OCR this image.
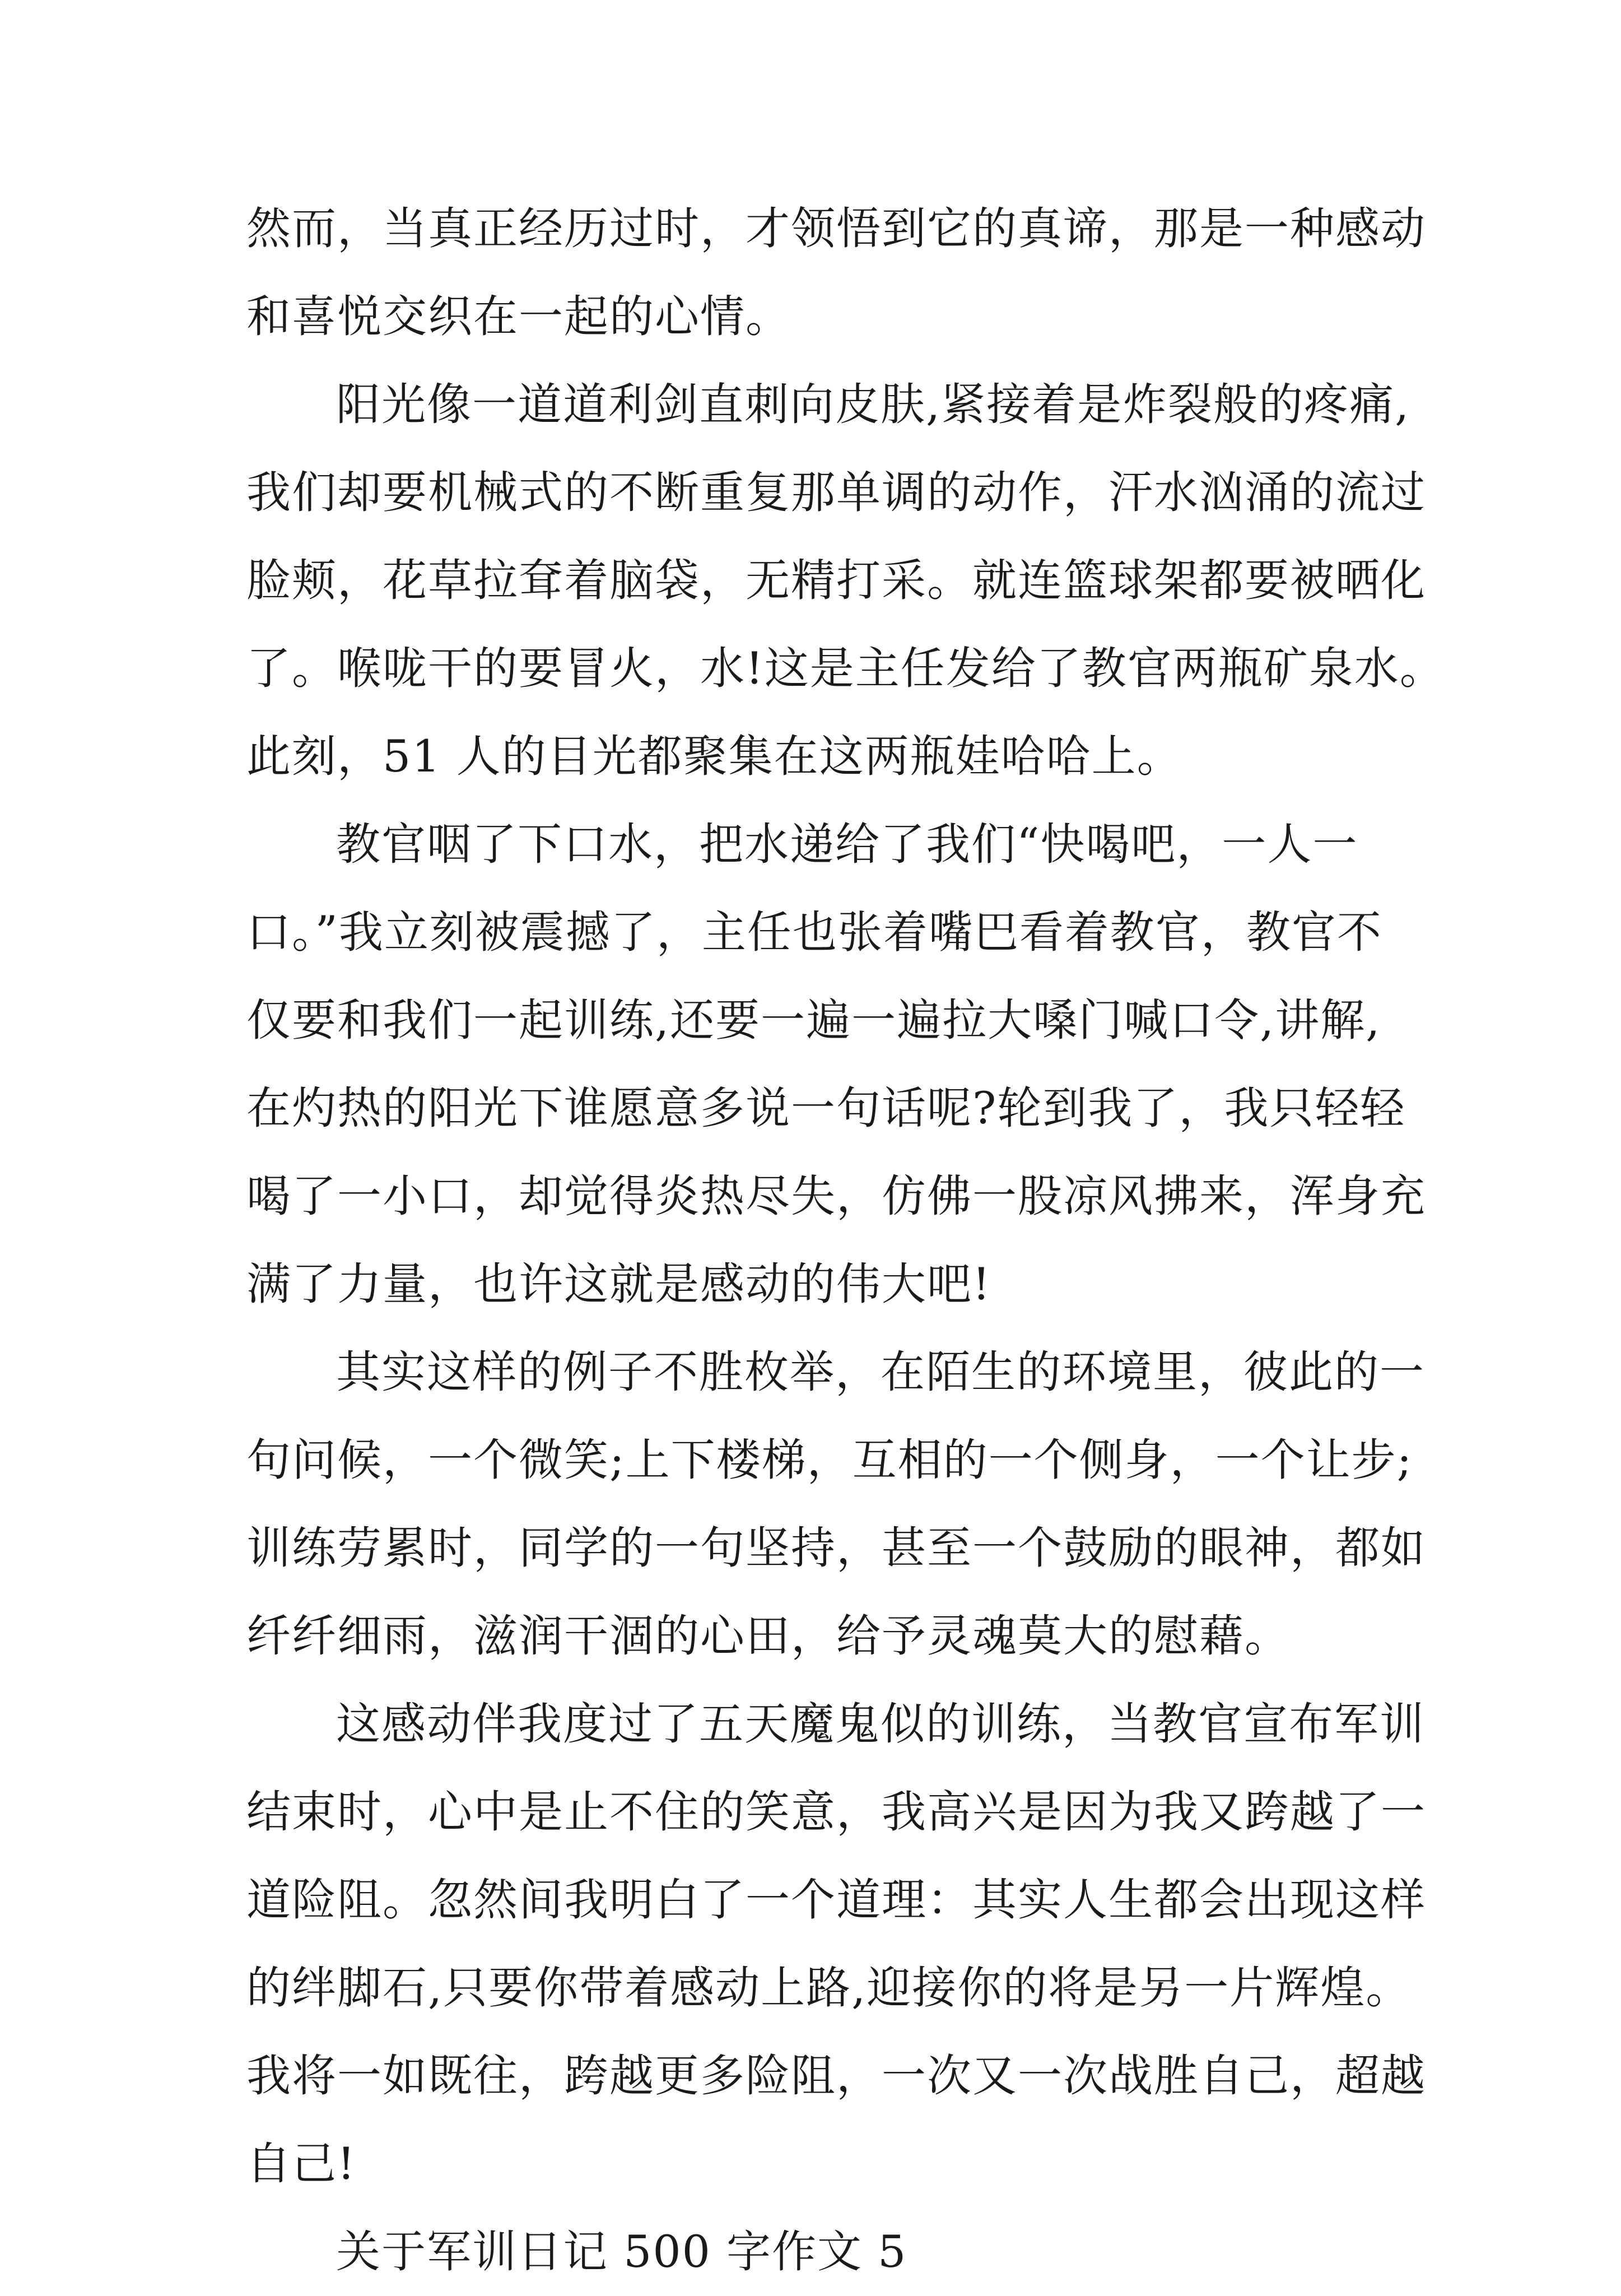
然而，当真正经历过时，才领悟到它的真谛，那是一种感动
和喜悦交织在一起的心情。
阳光像一道道利剑直刺向皮肤,紧接着是炸裂般的疼痛,
我们却要机械式的不断重复那单调的动作，汗水汹涌的流过
脸颊，花草拉耷着脑袋，无精打采。就连篮球架都要被晒化
了。喉咙干的要冒火，水!这是主任发给了教官两瓶矿泉水。
此刻，51 人的目光都聚集在这两瓶娃哈哈上。
教官咽了下口水，把水递给了我们“快喝吧，一人一
口。”我立刻被震撼了，主任也张着嘴巴看着教官，教官不
仅要和我们一起训练,还要一遍一遍拉大嗓门喊口令,讲解,
在灼热的阳光下谁愿意多说一句话呢?轮到我了，我只轻轻
喝了一小口，却觉得炎热尽失，仿佛一股凉风拂来，浑身充
满了力量，也许这就是感动的伟大吧!
其实这样的例子不胜枚举，在陌生的环境里，彼此的一
句问候，一个微笑;上下楼梯，互相的一个侧身，一个让步;
训练劳累时，同学的一句坚持，甚至一个鼓励的眼神，都如
纤纤细雨，滋润干涸的心田，给予灵魂莫大的慰藉。
这感动伴我度过了五天魔鬼似的训练，当教官宣布军训
结束时，心中是止不住的笑意，我高兴是因为我又跨越了一
道险阻。忽然间我明白了一个道理：其实人生都会出现这样
的绊脚石,只要你带着感动上路,迎接你的将是另一片辉煌。
我将一如既往，跨越更多险阻，一次又一次战胜自己，超越
自己!
关于军训日记 500 字作文 5
